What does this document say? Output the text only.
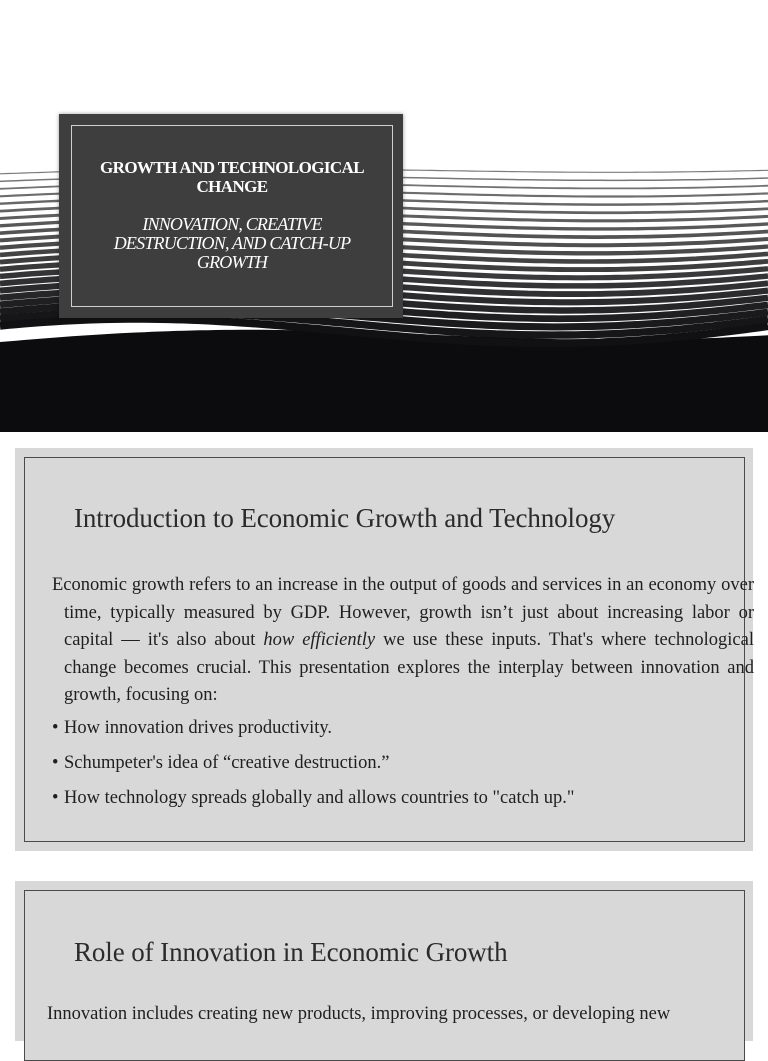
GROWTH AND TECHNOLOGICAL CHANGE
INNOVATION, CREATIVE DESTRUCTION, AND CATCH-UP GROWTH
Introduction to Economic Growth and Technology
Economic growth refers to an increase in the output of goods and services in an economy over time, typically measured by GDP. However, growth isn’t just about increasing labor or capital — it's also about how efficiently we use these inputs. That's where technological change becomes crucial. This presentation explores the interplay between innovation and growth, focusing on:
• How innovation drives productivity.
• Schumpeter's idea of “creative destruction.”
• How technology spreads globally and allows countries to "catch up."
Role of Innovation in Economic Growth
Innovation includes creating new products, improving processes, or developing new
